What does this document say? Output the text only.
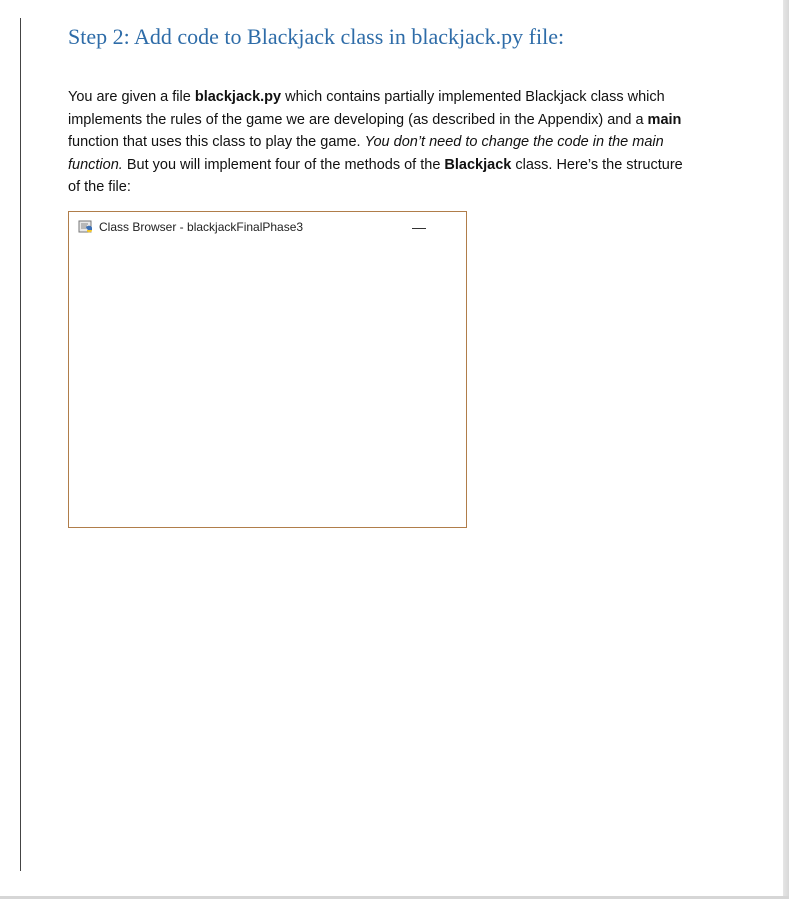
Step 2: Add code to Blackjack class in blackjack.py file:
You are given a file blackjack.py which contains partially implemented Blackjack class which implements the rules of the game we are developing (as described in the Appendix) and a main function that uses this class to play the game. You don’t need to change the code in the main function. But you will implement four of the methods of the Blackjack class. Here’s the structure of the file:
Class Browser - blackjackFinalPhase3	—
